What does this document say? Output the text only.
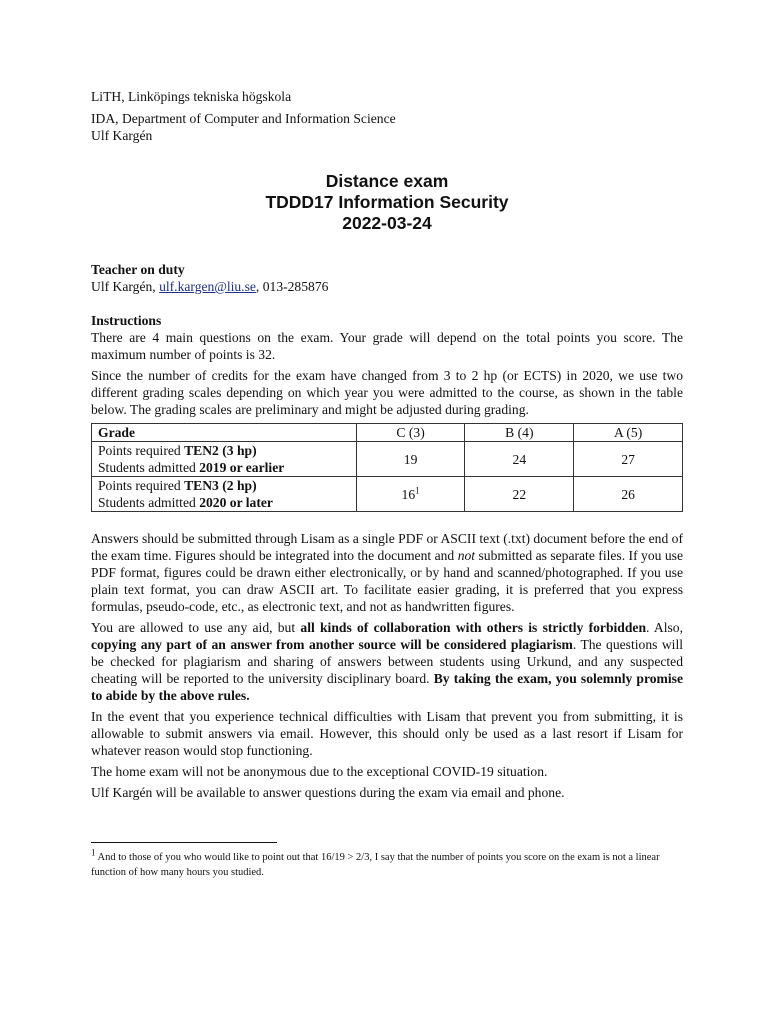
LiTH, Linköpings tekniska högskola

IDA, Department of Computer and Information Science

Ulf Kargén

Distance exam
TDDD17 Information Security
2022-03-24

Teacher on duty

Ulf Kargén, ulf.kargen@liu.se, 013-285876

Instructions

There are 4 main questions on the exam. Your grade will depend on the total points you score. The maximum number of points is 32.

Since the number of credits for the exam have changed from 3 to 2 hp (or ECTS) in 2020, we use two different grading scales depending on which year you were admitted to the course, as shown in the table below. The grading scales are preliminary and might be adjusted during grading.

Grade	C (3)	B (4)	A (5)
Points required TEN2 (3 hp)
Students admitted 2019 or earlier	19	24	27
Points required TEN3 (2 hp)
Students admitted 2020 or later	$16^1$	22	26

Answers should be submitted through Lisam as a single PDF or ASCII text (.txt) document before the end of the exam time. Figures should be integrated into the document and not submitted as separate files. If you use PDF format, figures could be drawn either electronically, or by hand and scanned/photographed. If you use plain text format, you can draw ASCII art. To facilitate easier grading, it is preferred that you express formulas, pseudo-code, etc., as electronic text, and not as handwritten figures.

You are allowed to use any aid, but all kinds of collaboration with others is strictly forbidden. Also, copying any part of an answer from another source will be considered plagiarism. The questions will be checked for plagiarism and sharing of answers between students using Urkund, and any suspected cheating will be reported to the university disciplinary board. By taking the exam, you solemnly promise to abide by the above rules.

In the event that you experience technical difficulties with Lisam that prevent you from submitting, it is allowable to submit answers via email. However, this should only be used as a last resort if Lisam for whatever reason would stop functioning.

The home exam will not be anonymous due to the exceptional COVID-19 situation.

Ulf Kargén will be available to answer questions during the exam via email and phone.

$^1$ And to those of you who would like to point out that 16/19 > 2/3, I say that the number of points you score on the exam is not a linear function of how many hours you studied.
